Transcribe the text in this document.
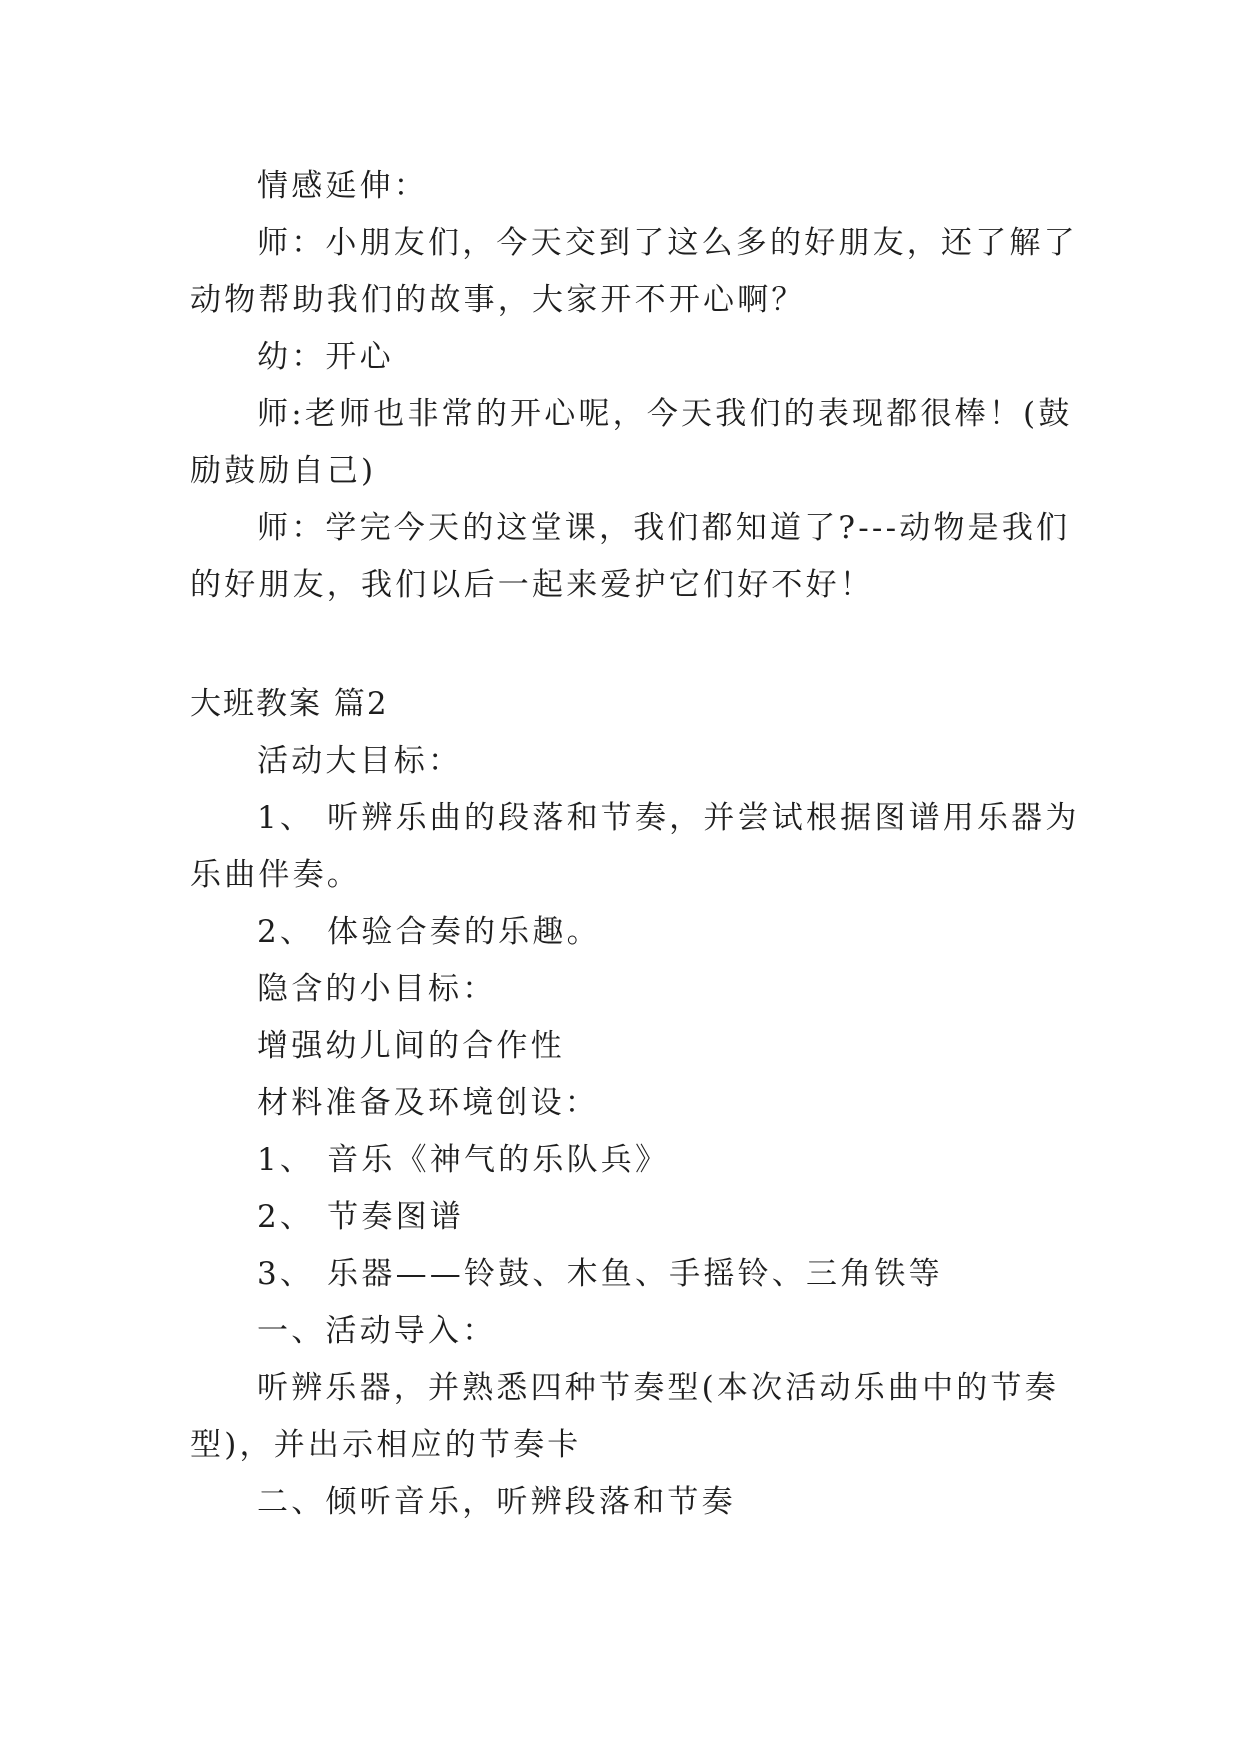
情感延伸：

师：小朋友们，今天交到了这么多的好朋友，还了解了

动物帮助我们的故事，大家开不开心啊？

幼：开心

师:老师也非常的开心呢，今天我们的表现都很棒！(鼓

励鼓励自己)

师：学完今天的这堂课，我们都知道了?---动物是我们

的好朋友，我们以后一起来爱护它们好不好！

大班教案 篇2

活动大目标：

1、 听辨乐曲的段落和节奏，并尝试根据图谱用乐器为

乐曲伴奏。

2、 体验合奏的乐趣。

隐含的小目标：

增强幼儿间的合作性

材料准备及环境创设：

1、 音乐《神气的乐队兵》

2、 节奏图谱

3、 乐器——铃鼓、木鱼、手摇铃、三角铁等

一、活动导入：

听辨乐器，并熟悉四种节奏型(本次活动乐曲中的节奏

型)，并出示相应的节奏卡

二、倾听音乐，听辨段落和节奏
